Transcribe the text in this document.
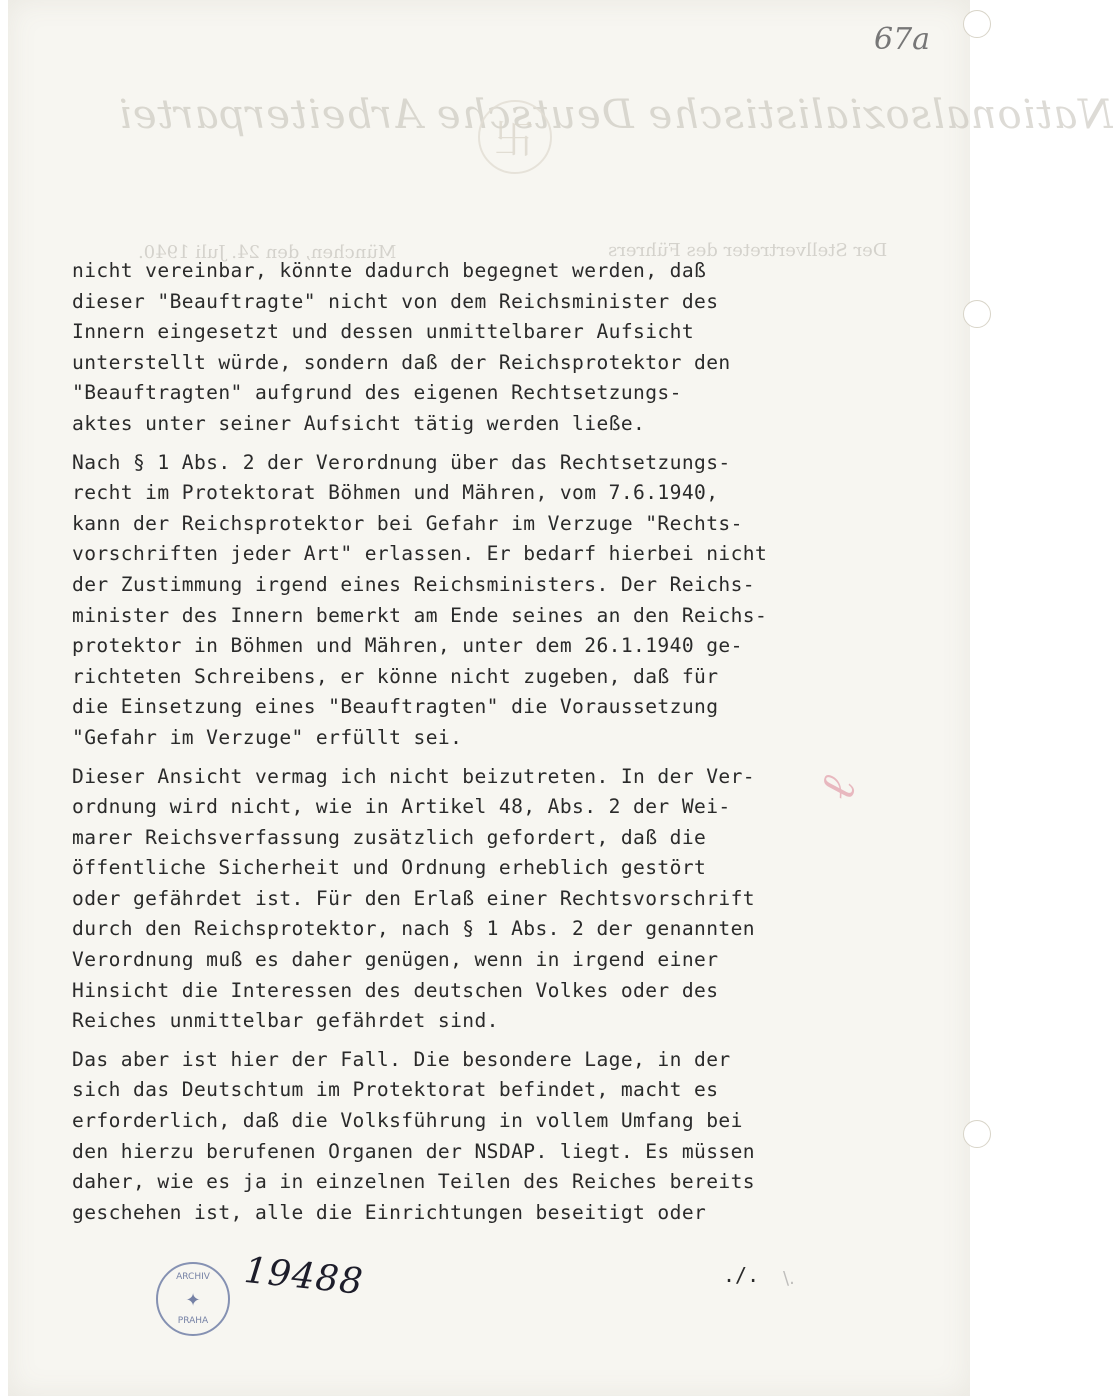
Nationalsozialistische Deutsche Arbeiterpartei
卐
Der Stellvertreter des Führers
München, den 24. Juli 1940.
67a
ℓ
nicht vereinbar, könnte dadurch begegnet werden, daß
dieser "Beauftragte" nicht von dem Reichsminister des
Innern eingesetzt und dessen unmittelbarer Aufsicht
unterstellt würde, sondern daß der Reichsprotektor den
"Beauftragten" aufgrund des eigenen Rechtsetzungs-
aktes unter seiner Aufsicht tätig werden ließe.
Nach § 1 Abs. 2 der Verordnung über das Rechtsetzungs-
recht im Protektorat Böhmen und Mähren, vom 7.6.1940,
kann der Reichsprotektor bei Gefahr im Verzuge "Rechts-
vorschriften jeder Art" erlassen. Er bedarf hierbei nicht
der Zustimmung irgend eines Reichsministers. Der Reichs-
minister des Innern bemerkt am Ende seines an den Reichs-
protektor in Böhmen und Mähren, unter dem 26.1.1940 ge-
richteten Schreibens, er könne nicht zugeben, daß für
die Einsetzung eines "Beauftragten" die Voraussetzung
"Gefahr im Verzuge" erfüllt sei.
Dieser Ansicht vermag ich nicht beizutreten. In der Ver-
ordnung wird nicht, wie in Artikel 48, Abs. 2 der Wei-
marer Reichsverfassung zusätzlich gefordert, daß die
öffentliche Sicherheit und Ordnung erheblich gestört
oder gefährdet ist. Für den Erlaß einer Rechtsvorschrift
durch den Reichsprotektor, nach § 1 Abs. 2 der genannten
Verordnung muß es daher genügen, wenn in irgend einer
Hinsicht die Interessen des deutschen Volkes oder des
Reiches unmittelbar gefährdet sind.
Das aber ist hier der Fall. Die besondere Lage, in der
sich das Deutschtum im Protektorat befindet, macht es
erforderlich, daß die Volksführung in vollem Umfang bei
den hierzu berufenen Organen der NSDAP. liegt. Es müssen
daher, wie es ja in einzelnen Teilen des Reiches bereits
geschehen ist, alle die Einrichtungen beseitigt oder
ARCHIV
✦
PRAHA
19488	./. \.
